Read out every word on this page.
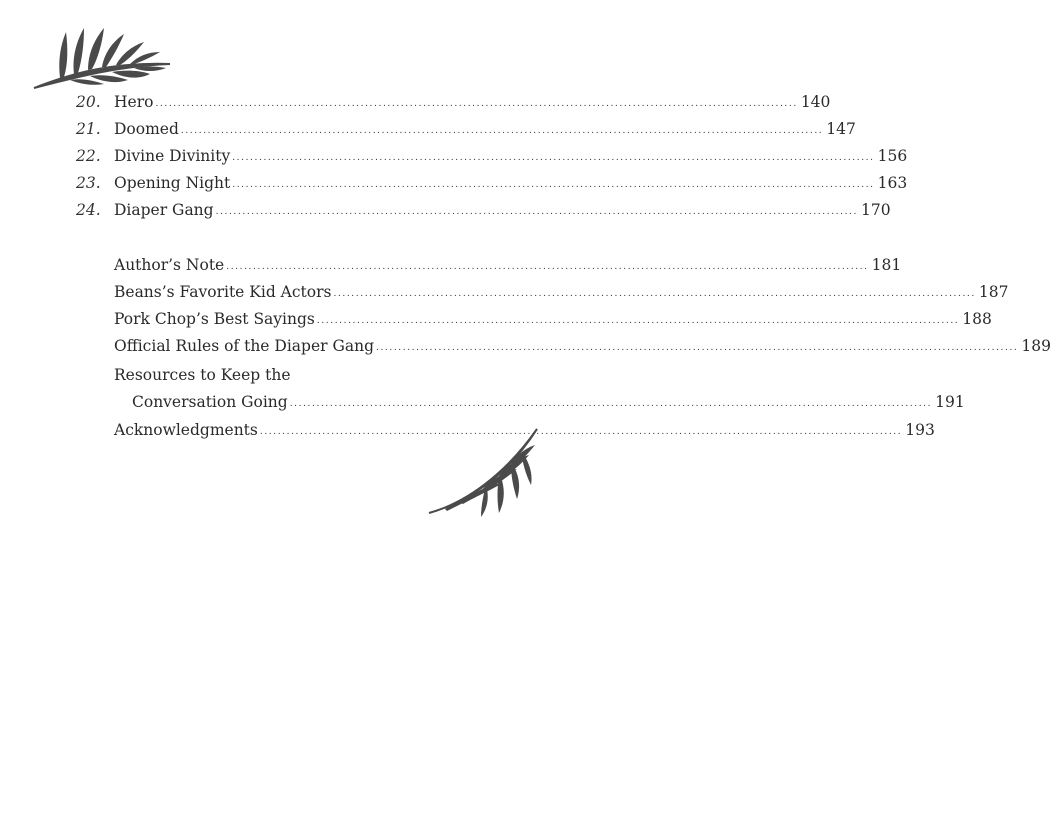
20. Hero ................................................................................................................................................ 140
21. Doomed ................................................................................................................................................ 147
22. Divine Divinity ................................................................................................................................................ 156
23. Opening Night ................................................................................................................................................ 163
24. Diaper Gang ................................................................................................................................................ 170
Author’s Note ................................................................................................................................................ 181
Beans’s Favorite Kid Actors ................................................................................................................................................ 187
Pork Chop’s Best Sayings ................................................................................................................................................ 188
Official Rules of the Diaper Gang ................................................................................................................................................ 189
Resources to Keep the
Conversation Going ................................................................................................................................................ 191
Acknowledgments ................................................................................................................................................ 193
